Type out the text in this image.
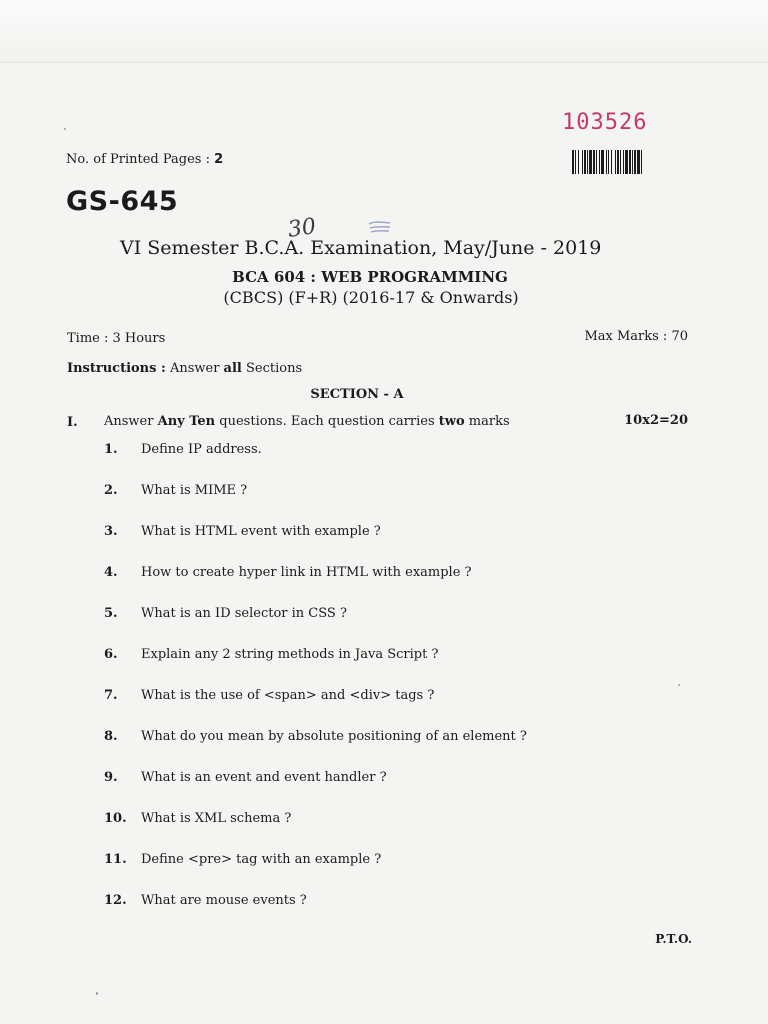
103526
No. of Printed Pages : 2
GS-645
30
VI Semester B.C.A. Examination, May/June - 2019
BCA 604 : WEB PROGRAMMING
(CBCS) (F+R) (2016-17 & Onwards)
Time : 3 Hours	Max Marks : 70
Instructions : Answer all Sections
SECTION - A
I. Answer Any Ten questions. Each question carries two marks	10x2=20
1. Define IP address.
2. What is MIME ?
3. What is HTML event with example ?
4. How to create hyper link in HTML with example ?
5. What is an ID selector in CSS ?
6. Explain any 2 string methods in Java Script ?
7. What is the use of <span> and <div> tags ?
8. What do you mean by absolute positioning of an element ?
9. What is an event and event handler ?
10. What is XML schema ?
11. Define <pre> tag with an example ?
12. What are mouse events ?
P.T.O.
